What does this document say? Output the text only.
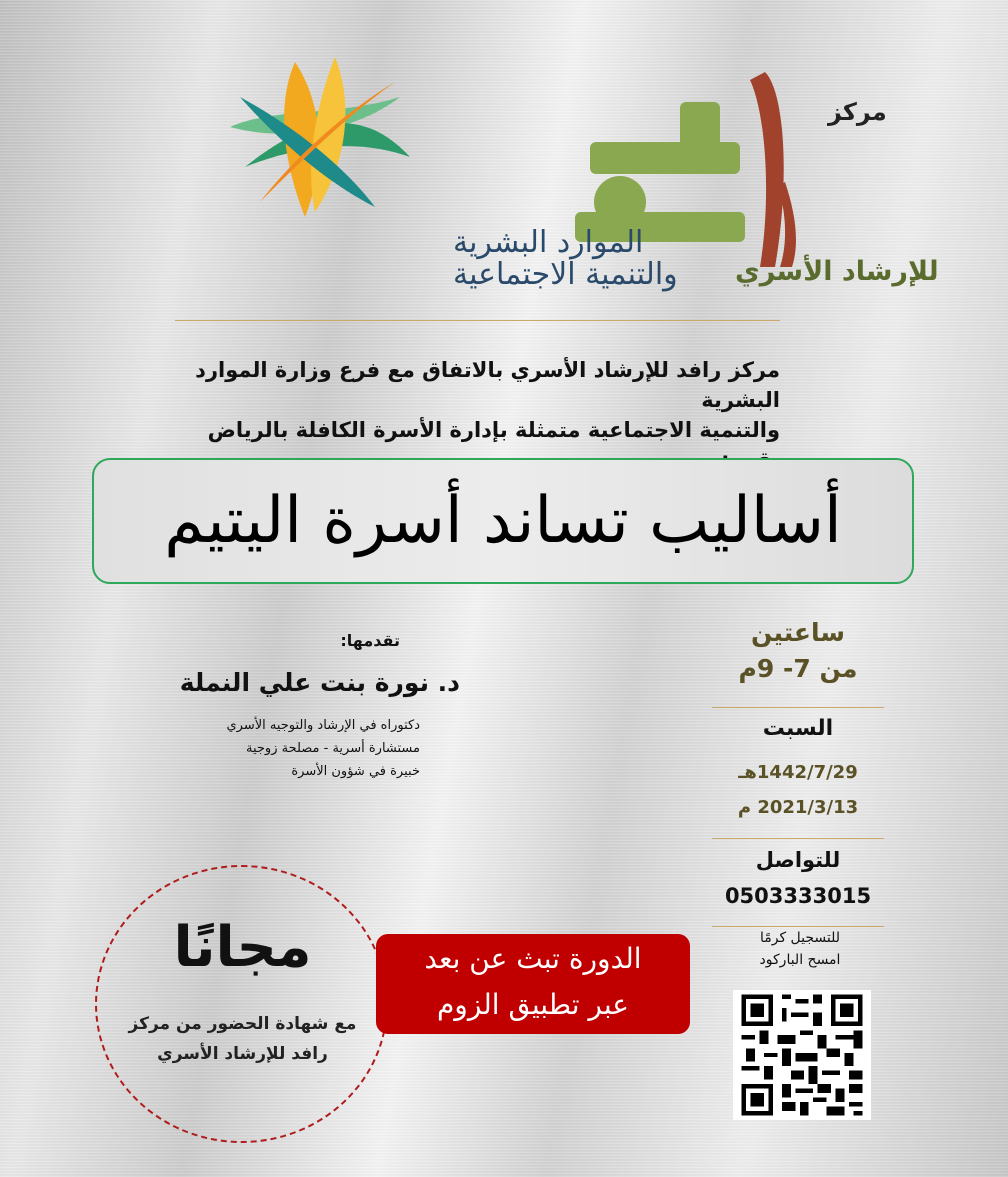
مركز
للإرشاد الأسري
الموارد البشرية
والتنمية الاجتماعية
مركز رافد للإرشاد الأسري بالاتفاق مع فرع وزارة الموارد البشرية
والتنمية الاجتماعية متمثلة بإدارة الأسرة الكافلة بالرياض
أساليب تساند أسرة اليتيم
ساعتين
من 7- 9م
السبت
1442/7/29هـ
2021/3/13 م
للتواصل
0503333015
للتسجيل كرمًا
امسح الباركود
تقدمها:
د. نورة بنت علي النملة
دكتوراه في الإرشاد والتوجيه الأسري
مستشارة أسرية - مصلحة زوجية
خبيرة في شؤون الأسرة
مجانًا
مع شهادة الحضور من مركز
رافد للإرشاد الأسري
الدورة تبث عن بعد
عبر تطبيق الزوم
